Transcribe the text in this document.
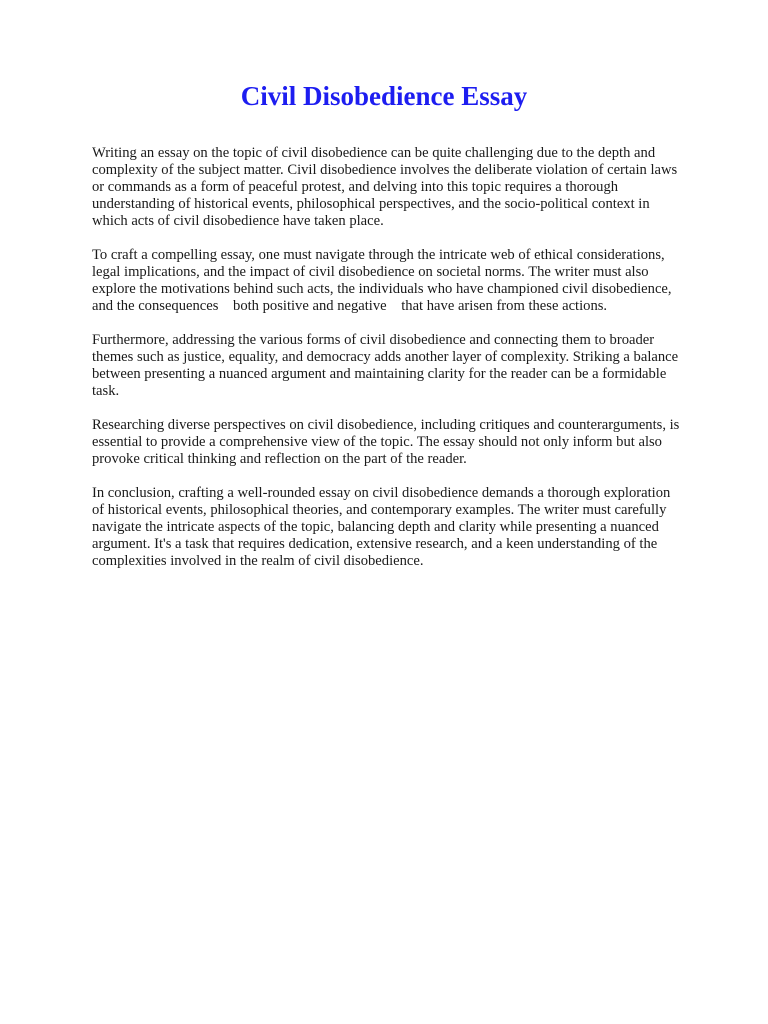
Civil Disobedience Essay

Writing an essay on the topic of civil disobedience can be quite challenging due to the depth and
complexity of the subject matter. Civil disobedience involves the deliberate violation of certain laws
or commands as a form of peaceful protest, and delving into this topic requires a thorough
understanding of historical events, philosophical perspectives, and the socio-political context in
which acts of civil disobedience have taken place.

To craft a compelling essay, one must navigate through the intricate web of ethical considerations,
legal implications, and the impact of civil disobedience on societal norms. The writer must also
explore the motivations behind such acts, the individuals who have championed civil disobedience,
and the consequences    both positive and negative    that have arisen from these actions.

Furthermore, addressing the various forms of civil disobedience and connecting them to broader
themes such as justice, equality, and democracy adds another layer of complexity. Striking a balance
between presenting a nuanced argument and maintaining clarity for the reader can be a formidable
task.

Researching diverse perspectives on civil disobedience, including critiques and counterarguments, is
essential to provide a comprehensive view of the topic. The essay should not only inform but also
provoke critical thinking and reflection on the part of the reader.

In conclusion, crafting a well-rounded essay on civil disobedience demands a thorough exploration
of historical events, philosophical theories, and contemporary examples. The writer must carefully
navigate the intricate aspects of the topic, balancing depth and clarity while presenting a nuanced
argument. It's a task that requires dedication, extensive research, and a keen understanding of the
complexities involved in the realm of civil disobedience.
